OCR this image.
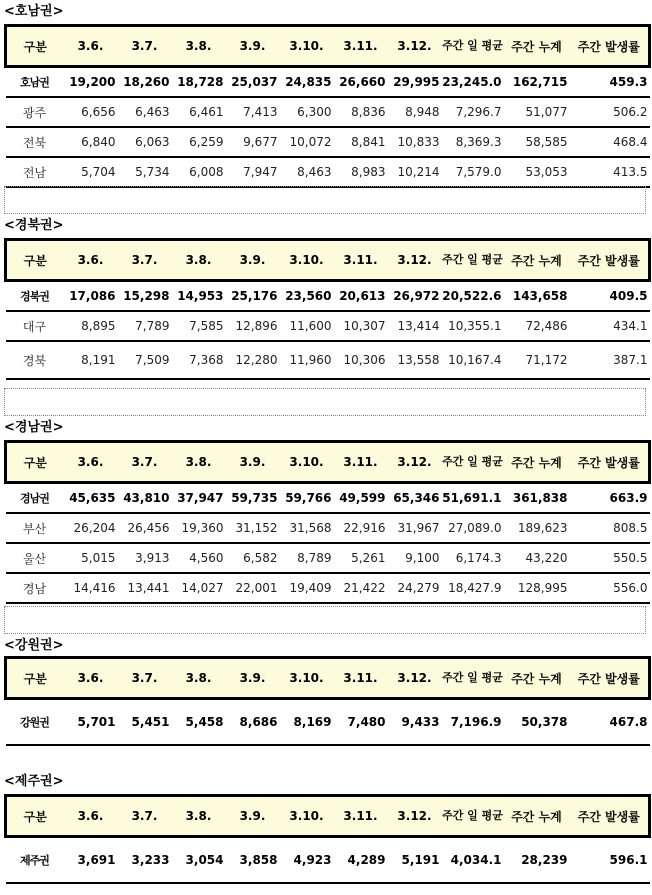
<호남권>
구분	3.6.	3.7.	3.8.	3.9.	3.10.	3.11.	3.12.	주간 일 평균	주간 누계	주간 발생률
호남권	19,200	18,260	18,728	25,037	24,835	26,660	29,995	23,245.0	162,715	459.3
광주	6,656	6,463	6,461	7,413	6,300	8,836	8,948	7,296.7	51,077	506.2
전북	6,840	6,063	6,259	9,677	10,072	8,841	10,833	8,369.3	58,585	468.4
전남	5,704	5,734	6,008	7,947	8,463	8,983	10,214	7,579.0	53,053	413.5
<경북권>
구분	3.6.	3.7.	3.8.	3.9.	3.10.	3.11.	3.12.	주간 일 평균	주간 누계	주간 발생률
경북권	17,086	15,298	14,953	25,176	23,560	20,613	26,972	20,522.6	143,658	409.5
대구	8,895	7,789	7,585	12,896	11,600	10,307	13,414	10,355.1	72,486	434.1
경북	8,191	7,509	7,368	12,280	11,960	10,306	13,558	10,167.4	71,172	387.1
<경남권>
구분	3.6.	3.7.	3.8.	3.9.	3.10.	3.11.	3.12.	주간 일 평균	주간 누계	주간 발생률
경남권	45,635	43,810	37,947	59,735	59,766	49,599	65,346	51,691.1	361,838	663.9
부산	26,204	26,456	19,360	31,152	31,568	22,916	31,967	27,089.0	189,623	808.5
울산	5,015	3,913	4,560	6,582	8,789	5,261	9,100	6,174.3	43,220	550.5
경남	14,416	13,441	14,027	22,001	19,409	21,422	24,279	18,427.9	128,995	556.0
<강원권>
구분	3.6.	3.7.	3.8.	3.9.	3.10.	3.11.	3.12.	주간 일 평균	주간 누계	주간 발생률
강원권	5,701	5,451	5,458	8,686	8,169	7,480	9,433	7,196.9	50,378	467.8
<제주권>
구분	3.6.	3.7.	3.8.	3.9.	3.10.	3.11.	3.12.	주간 일 평균	주간 누계	주간 발생률
제주권	3,691	3,233	3,054	3,858	4,923	4,289	5,191	4,034.1	28,239	596.1
